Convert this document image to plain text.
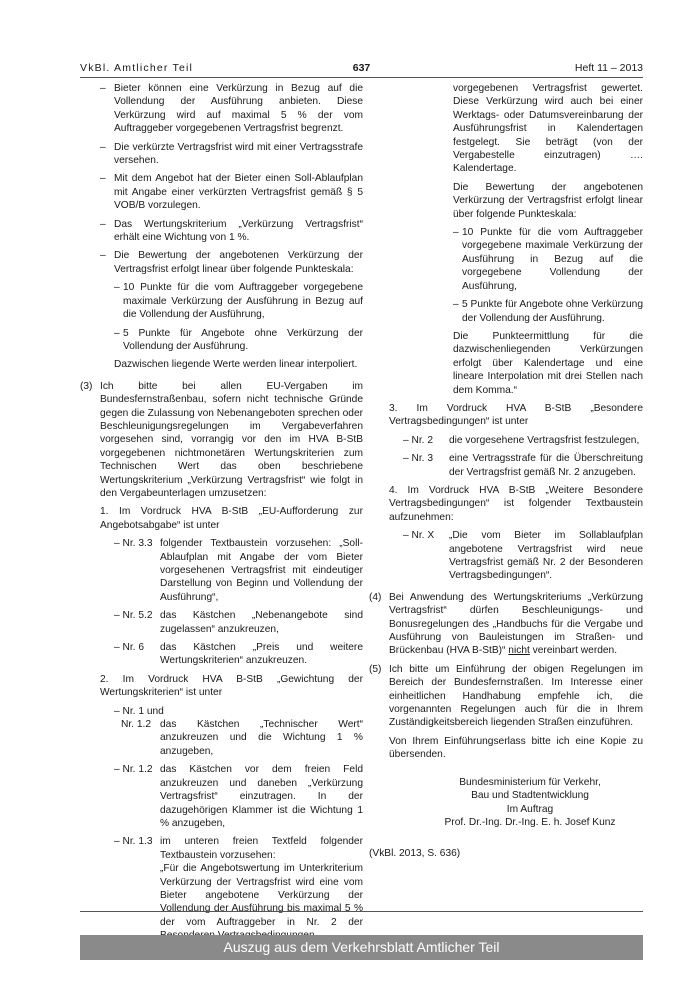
VkBl. Amtlicher Teil	637	Heft 11 – 2013
– Bieter können eine Verkürzung in Bezug auf die Vollendung der Ausführung anbieten. Diese Verkürzung wird auf maximal 5 % der vom Auftraggeber vorgegebenen Vertragsfrist begrenzt.
– Die verkürzte Vertragsfrist wird mit einer Vertragsstrafe versehen.
– Mit dem Angebot hat der Bieter einen Soll-Ablaufplan mit Angabe einer verkürzten Vertragsfrist gemäß § 5 VOB/B vorzulegen.
– Das Wertungskriterium „Verkürzung Vertragsfrist“ erhält eine Wichtung von 1 %.
– Die Bewertung der angebotenen Verkürzung der Vertragsfrist erfolgt linear über folgende Punkteskala:
– 10 Punkte für die vom Auftraggeber vorgegebene maximale Verkürzung der Ausführung in Bezug auf die Vollendung der Ausführung,
– 5 Punkte für Angebote ohne Verkürzung der Vollendung der Ausführung.

Dazwischen liegende Werte werden linear interpoliert.

(3) Ich bitte bei allen EU-Vergaben im Bundesfernstraßenbau, sofern nicht technische Gründe gegen die Zulassung von Nebenangeboten sprechen oder Beschleunigungsregelungen im Vergabeverfahren vorgesehen sind, vorrangig vor den im HVA B-StB vorgegebenen nichtmonetären Wertungskriterien zum Technischen Wert das oben beschriebene Wertungskriterium „Verkürzung Vertragsfrist“ wie folgt in den Vergabeunterlagen umzusetzen:

1. Im Vordruck HVA B-StB „EU-Aufforderung zur Angebotsabgabe“ ist unter

– Nr. 3.3 folgender Textbaustein vorzusehen: „Soll-Ablaufplan mit Angabe der vom Bieter vorgesehenen Vertragsfrist mit eindeutiger Darstellung von Beginn und Vollendung der Ausführung“,
– Nr. 5.2 das Kästchen „Nebenangebote sind zugelassen“ anzukreuzen,
– Nr. 6	das Kästchen „Preis und weitere Wertungskriterien“ anzukreuzen.

2. Im Vordruck HVA B-StB „Gewichtung der Wertungskriterien“ ist unter

– Nr. 1 und

Nr. 1.2 das Kästchen „Technischer Wert“ anzukreuzen und die Wichtung 1 % anzugeben,
– Nr. 1.2 das Kästchen vor dem freien Feld anzukreuzen und daneben „Verkürzung Vertragsfrist“ einzutragen. In der dazugehörigen Klammer ist die Wichtung 1 % anzugeben,
– Nr. 1.3 im unteren freien Textfeld folgender Textbaustein vorzusehen:
„Für die Angebotswertung im Unterkriterium Verkürzung der Vertragsfrist wird eine vom Bieter angebotene Verkürzung der Vollendung der Ausführung bis maximal 5 % der vom Auftraggeber in Nr. 2 der

vorgegebenen Vertragsfrist gewertet. Diese Verkürzung wird auch bei einer Werktags- oder Datumsvereinbarung der Ausführungsfrist in Kalendertagen festgelegt. Sie beträgt (von der Vergabestelle einzutragen) …. Kalendertage.

Die Bewertung der angebotenen Verkürzung der Vertragsfrist erfolgt linear über folgende Punkteskala:

– 10 Punkte für die vom Auftraggeber vorgegebene maximale Verkürzung der Ausführung in Bezug auf die vorgegebene Vollendung der Ausführung,
– 5 Punkte für Angebote ohne Verkürzung der Vollendung der Ausführung.

Die Punkteermittlung für die dazwischenliegenden Verkürzungen erfolgt über Kalendertage und eine lineare Interpolation mit drei Stellen nach dem Komma.“

3. Im Vordruck HVA B-StB „Besondere Vertragsbedingungen“ ist unter

– Nr. 2	die vorgesehene Vertragsfrist festzulegen,
– Nr. 3	eine Vertragsstrafe für die Überschreitung der Vertragsfrist gemäß Nr. 2 anzugeben.

4. Im Vordruck HVA B-StB „Weitere Besondere Vertragsbedingungen“ ist folgender Textbaustein aufzunehmen:

– Nr. X	„Die vom Bieter im Sollablaufplan angebotene Vertragsfrist wird neue Vertragsfrist gemäß Nr. 2 der Besonderen Vertragsbedingungen“.
(4) Bei Anwendung des Wertungskriteriums „Verkürzung Vertragsfrist“ dürfen Beschleunigungs- und Bonusregelungen des „Handbuchs für die Vergabe und Ausführung von Bauleistungen im Straßen- und Brückenbau (HVA B-StB)“ nicht vereinbart werden.
(5) Ich bitte um Einführung der obigen Regelungen im Bereich der Bundesfernstraßen. Im Interesse einer einheitlichen Handhabung empfehle ich, die vorgenannten Regelungen auch für die in Ihrem Zuständigkeitsbereich liegenden Straßen einzuführen.

Von Ihrem Einführungserlass bitte ich eine Kopie zu übersenden.

Bundesministerium für Verkehr,

Bau und Stadtentwicklung

Im Auftrag

Prof. Dr.-Ing. Dr.-Ing. E. h. Josef Kunz

(VkBl. 2013, S. 636)
Auszug aus dem Verkehrsblatt Amtlicher Teil
